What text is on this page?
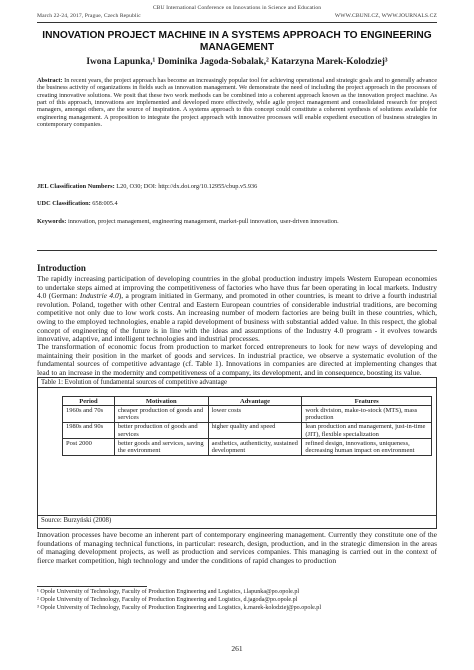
CBU International Conference on Innovations in Science and Education
March 22-24, 2017, Prague, Czech Republic	WWW.CBUNI.CZ, WWW.JOURNALS.CZ
INNOVATION PROJECT MACHINE IN A SYSTEMS APPROACH TO ENGINEERING MANAGEMENT
Iwona Lapunka,¹ Dominika Jagoda-Sobalak,² Katarzyna Marek-Kolodziej³
Abstract: In recent years, the project approach has become an increasingly popular tool for achieving operational and strategic goals and to generally advance the business activity of organizations in fields such as innovation management. We demonstrate the need of including the project approach in the processes of creating innovative solutions. We posit that these two work methods can be combined into a coherent approach known as the innovation project machine. As part of this approach, innovations are implemented and developed more effectively, while agile project management and consolidated research for project managers, amongst others, are the source of inspiration. A systems approach to this concept could constitute a coherent synthesis of solutions available for engineering management. A proposition to integrate the project approach with innovative processes will enable expedient execution of business strategies in contemporary companies.
JEL Classification Numbers: L20, O30; DOI: http://dx.doi.org/10.12955/cbup.v5.936
UDC Classification: 658:005.4
Keywords: innovation, project management, engineering management, market-pull innovation, user-driven innovation.
Introduction
The rapidly increasing participation of developing countries in the global production industry impels Western European economies to undertake steps aimed at improving the competitiveness of factories who have thus far been operating in local markets. Industry 4.0 (German: Industrie 4.0), a program initiated in Germany, and promoted in other countries, is meant to drive a fourth industrial revolution. Poland, together with other Central and Eastern European countries of considerable industrial traditions, are becoming competitive not only due to low work costs. An increasing number of modern factories are being built in these countries, which, owing to the employed technologies, enable a rapid development of business with substantial added value. In this respect, the global concept of engineering of the future is in line with the ideas and assumptions of the Industry 4.0 program - it evolves towards innovative, adaptive, and intelligent technologies and industrial processes.
The transformation of economic focus from production to market forced entrepreneurs to look for new ways of developing and maintaining their position in the market of goods and services. In industrial practice, we observe a systematic evolution of the fundamental sources of competitive advantage (cf. Table 1). Innovations in companies are directed at implementing changes that lead to an increase in the modernity and competitiveness of a company, its development, and in consequence, boosting its value.
Table 1: Evolution of fundamental sources of competitive advantage
Period	Motivation	Advantage	Features
1960s and 70s	cheaper production of goods and services	lower costs	work division, make-to-stock (MTS), mass production
1980s and 90s	better production of goods and services	higher quality and speed	lean production and management, just-in-time (JIT), flexible specialization
Post 2000	better goods and services, saving the environment	aesthetics, authenticity, sustained development	refined design, innovations, uniqueness, decreasing human impact on environment
Source: Burzyński (2008)
Innovation processes have become an inherent part of contemporary engineering management. Currently they constitute one of the foundations of managing technical functions, in particular: research, design, production, and in the strategic dimension in the areas of managing development projects, as well as production and services companies. This managing is carried out in the context of fierce market competition, high technology and under the conditions of rapid changes to production
¹ Opole University of Technology, Faculty of Production Engineering and Logistics, i.lapunka@po.opole.pl
² Opole University of Technology, Faculty of Production Engineering and Logistics, d.jagoda@po.opole.pl
³ Opole University of Technology, Faculty of Production Engineering and Logistics, k.marek-kolodziej@po.opole.pl
261
